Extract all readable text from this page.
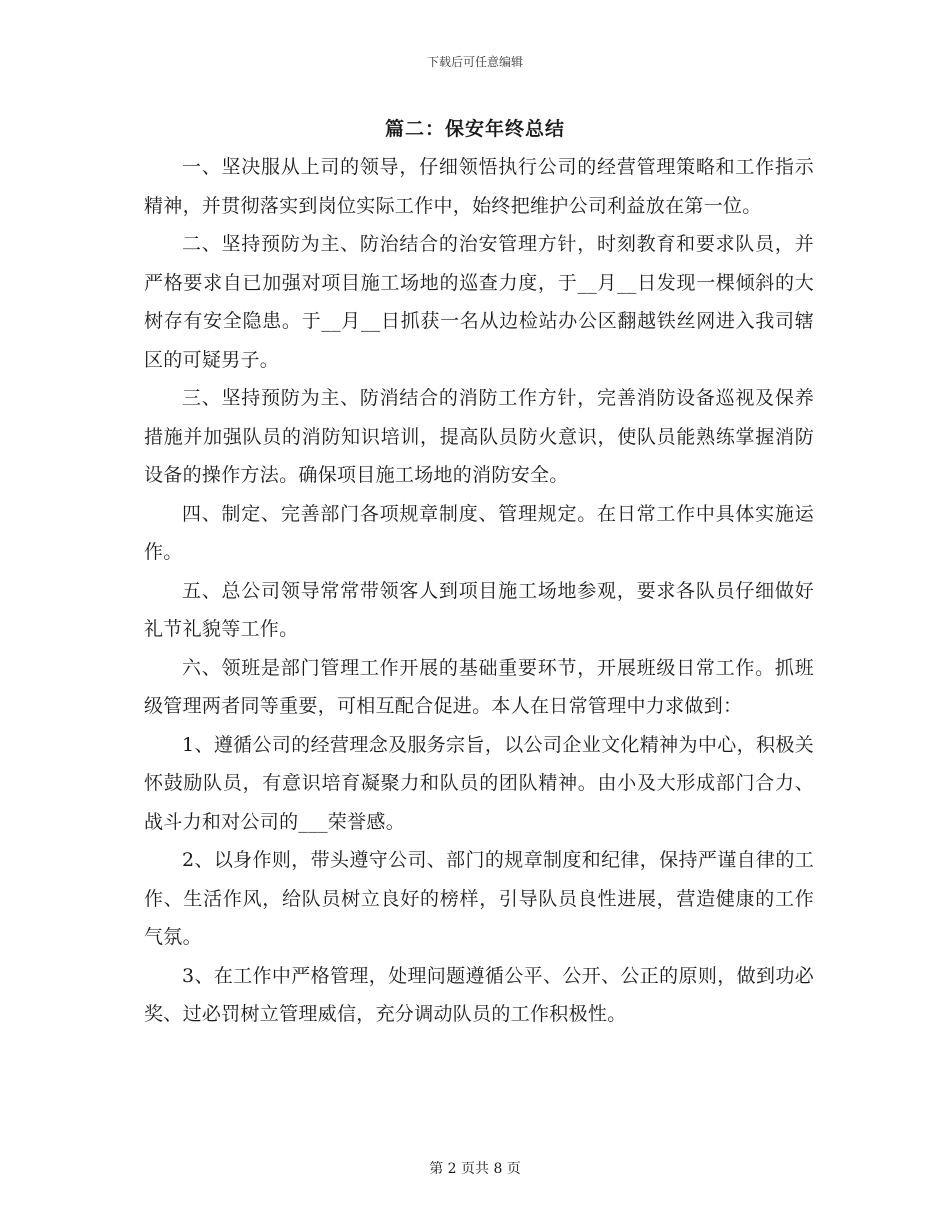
下载后可任意编辑
篇二：保安年终总结

一、坚决服从上司的领导，仔细领悟执行公司的经营管理策略和工作指示精神，并贯彻落实到岗位实际工作中，始终把维护公司利益放在第一位。

二、坚持预防为主、防治结合的治安管理方针，时刻教育和要求队员，并严格要求自已加强对项目施工场地的巡查力度，于__月__日发现一棵倾斜的大树存有安全隐患。于__月__日抓获一名从边检站办公区翻越铁丝网进入我司辖区的可疑男子。

三、坚持预防为主、防消结合的消防工作方针，完善消防设备巡视及保养措施并加强队员的消防知识培训，提高队员防火意识，使队员能熟练掌握消防设备的操作方法。确保项目施工场地的消防安全。

四、制定、完善部门各项规章制度、管理规定。在日常工作中具体实施运作。

五、总公司领导常常带领客人到项目施工场地参观，要求各队员仔细做好礼节礼貌等工作。

六、领班是部门管理工作开展的基础重要环节，开展班级日常工作。抓班级管理两者同等重要，可相互配合促进。本人在日常管理中力求做到：

1、遵循公司的经营理念及服务宗旨，以公司企业文化精神为中心，积极关怀鼓励队员，有意识培育凝聚力和队员的团队精神。由小及大形成部门合力、战斗力和对公司的___荣誉感。

2、以身作则，带头遵守公司、部门的规章制度和纪律，保持严谨自律的工作、生活作风，给队员树立良好的榜样，引导队员良性进展，营造健康的工作气氛。

3、在工作中严格管理，处理问题遵循公平、公开、公正的原则，做到功必奖、过必罚树立管理威信，充分调动队员的工作积极性。

第 2 页共 8 页
